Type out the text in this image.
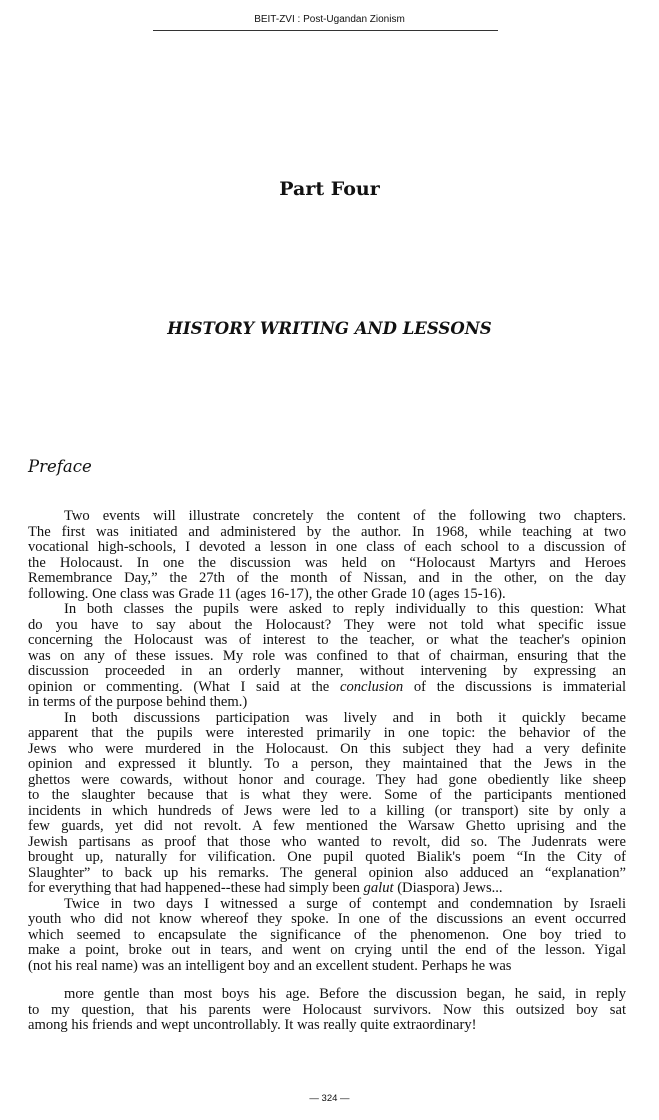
BEIT-ZVI : Post-Ugandan Zionism
Part Four
HISTORY WRITING AND LESSONS
Preface
Two events will illustrate concretely the content of the following two chapters.
The first was initiated and administered by the author. In 1968, while teaching at two
vocational high-schools, I devoted a lesson in one class of each school to a discussion of
the Holocaust. In one the discussion was held on “Holocaust Martyrs and Heroes
Remembrance Day,” the 27th of the month of Nissan, and in the other, on the day
following. One class was Grade 11 (ages 16-17), the other Grade 10 (ages 15-16).
In both classes the pupils were asked to reply individually to this question: What
do you have to say about the Holocaust? They were not told what specific issue
concerning the Holocaust was of interest to the teacher, or what the teacher's opinion
was on any of these issues. My role was confined to that of chairman, ensuring that the
discussion proceeded in an orderly manner, without intervening by expressing an
opinion or commenting. (What I said at the conclusion of the discussions is immaterial
in terms of the purpose behind them.)
In both discussions participation was lively and in both it quickly became
apparent that the pupils were interested primarily in one topic: the behavior of the
Jews who were murdered in the Holocaust. On this subject they had a very definite
opinion and expressed it bluntly. To a person, they maintained that the Jews in the
ghettos were cowards, without honor and courage. They had gone obediently like sheep
to the slaughter because that is what they were. Some of the participants mentioned
incidents in which hundreds of Jews were led to a killing (or transport) site by only a
few guards, yet did not revolt. A few mentioned the Warsaw Ghetto uprising and the
Jewish partisans as proof that those who wanted to revolt, did so. The Judenrats were
brought up, naturally for vilification. One pupil quoted Bialik's poem “In the City of
Slaughter” to back up his remarks. The general opinion also adduced an “explanation”
for everything that had happened--these had simply been galut (Diaspora) Jews...
Twice in two days I witnessed a surge of contempt and condemnation by Israeli
youth who did not know whereof they spoke. In one of the discussions an event occurred
which seemed to encapsulate the significance of the phenomenon. One boy tried to
make a point, broke out in tears, and went on crying until the end of the lesson. Yigal
(not his real name) was an intelligent boy and an excellent student. Perhaps he was
more gentle than most boys his age. Before the discussion began, he said, in reply
to my question, that his parents were Holocaust survivors. Now this outsized boy sat
among his friends and wept uncontrollably. It was really quite extraordinary!
— 324 —
